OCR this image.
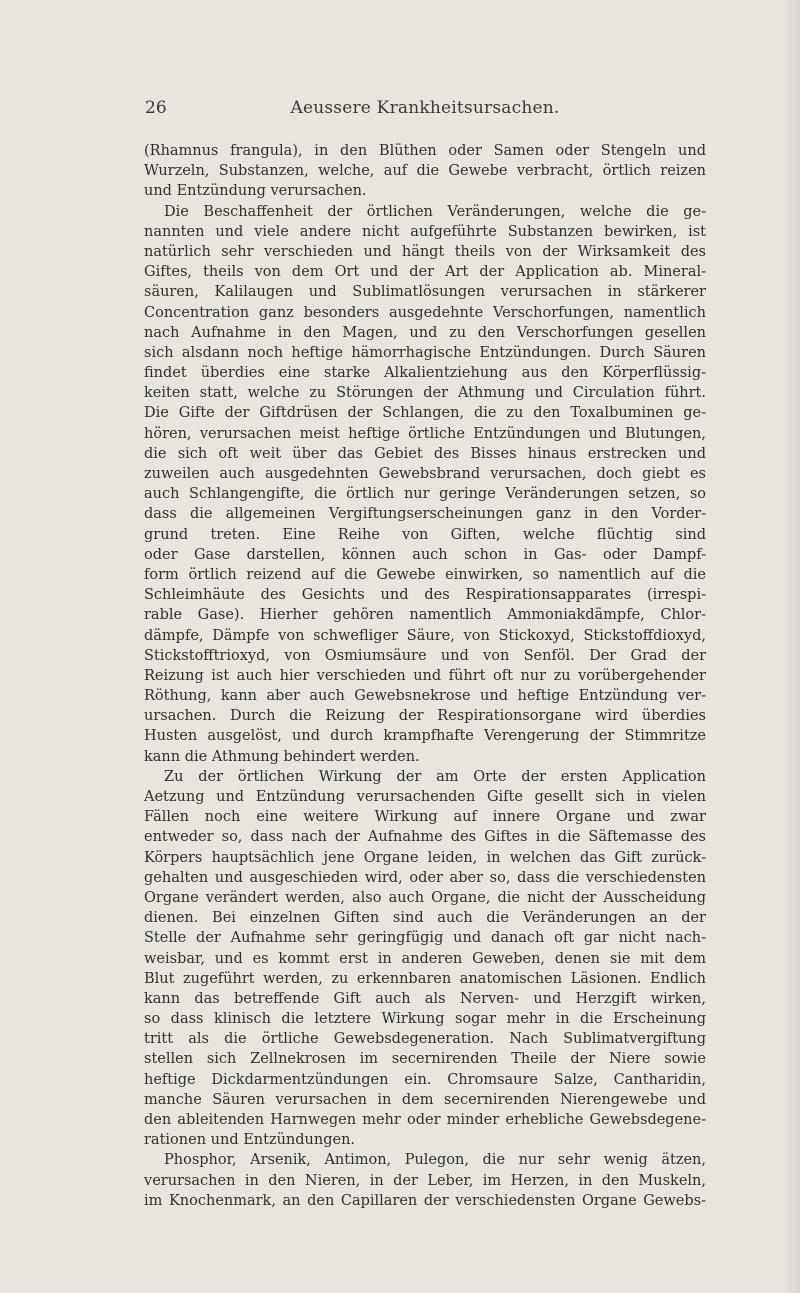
26	Aeussere Krankheitsursachen.
(Rhamnus frangula), in den Blüthen oder Samen oder Stengeln und
Wurzeln, Substanzen, welche, auf die Gewebe verbracht, örtlich reizen
und Entzündung verursachen.
Die Beschaffenheit der örtlichen Veränderungen, welche die ge-
nannten und viele andere nicht aufgeführte Substanzen bewirken, ist
natürlich sehr verschieden und hängt theils von der Wirksamkeit des
Giftes, theils von dem Ort und der Art der Application ab. Mineral-
säuren, Kalilaugen und Sublimatlösungen verursachen in stärkerer
Concentration ganz besonders ausgedehnte Verschorfungen, namentlich
nach Aufnahme in den Magen, und zu den Verschorfungen gesellen
sich alsdann noch heftige hämorrhagische Entzündungen. Durch Säuren
findet überdies eine starke Alkalientziehung aus den Körperflüssig-
keiten statt, welche zu Störungen der Athmung und Circulation führt.
Die Gifte der Giftdrüsen der Schlangen, die zu den Toxalbuminen ge-
hören, verursachen meist heftige örtliche Entzündungen und Blutungen,
die sich oft weit über das Gebiet des Bisses hinaus erstrecken und
zuweilen auch ausgedehnten Gewebsbrand verursachen, doch giebt es
auch Schlangengifte, die örtlich nur geringe Veränderungen setzen, so
dass die allgemeinen Vergiftungserscheinungen ganz in den Vorder-
grund treten. Eine Reihe von Giften, welche flüchtig sind
oder Gase darstellen, können auch schon in Gas- oder Dampf-
form örtlich reizend auf die Gewebe einwirken, so namentlich auf die
Schleimhäute des Gesichts und des Respirationsapparates (irrespi-
rable Gase). Hierher gehören namentlich Ammoniakdämpfe, Chlor-
dämpfe, Dämpfe von schwefliger Säure, von Stickoxyd, Stickstoffdioxyd,
Stickstofftrioxyd, von Osmiumsäure und von Senföl. Der Grad der
Reizung ist auch hier verschieden und führt oft nur zu vorübergehender
Röthung, kann aber auch Gewebsnekrose und heftige Entzündung ver-
ursachen. Durch die Reizung der Respirationsorgane wird überdies
Husten ausgelöst, und durch krampfhafte Verengerung der Stimmritze
kann die Athmung behindert werden.
Zu der örtlichen Wirkung der am Orte der ersten Application
Aetzung und Entzündung verursachenden Gifte gesellt sich in vielen
Fällen noch eine weitere Wirkung auf innere Organe und zwar
entweder so, dass nach der Aufnahme des Giftes in die Säftemasse des
Körpers hauptsächlich jene Organe leiden, in welchen das Gift zurück-
gehalten und ausgeschieden wird, oder aber so, dass die verschiedensten
Organe verändert werden, also auch Organe, die nicht der Ausscheidung
dienen. Bei einzelnen Giften sind auch die Veränderungen an der
Stelle der Aufnahme sehr geringfügig und danach oft gar nicht nach-
weisbar, und es kommt erst in anderen Geweben, denen sie mit dem
Blut zugeführt werden, zu erkennbaren anatomischen Läsionen. Endlich
kann das betreffende Gift auch als Nerven- und Herzgift wirken,
so dass klinisch die letztere Wirkung sogar mehr in die Erscheinung
tritt als die örtliche Gewebsdegeneration. Nach Sublimatvergiftung
stellen sich Zellnekrosen im secernirenden Theile der Niere sowie
heftige Dickdarmentzündungen ein. Chromsaure Salze, Cantharidin,
manche Säuren verursachen in dem secernirenden Nierengewebe und
den ableitenden Harnwegen mehr oder minder erhebliche Gewebsdegene-
rationen und Entzündungen.
Phosphor, Arsenik, Antimon, Pulegon, die nur sehr wenig ätzen,
verursachen in den Nieren, in der Leber, im Herzen, in den Muskeln,
im Knochenmark, an den Capillaren der verschiedensten Organe Gewebs-
